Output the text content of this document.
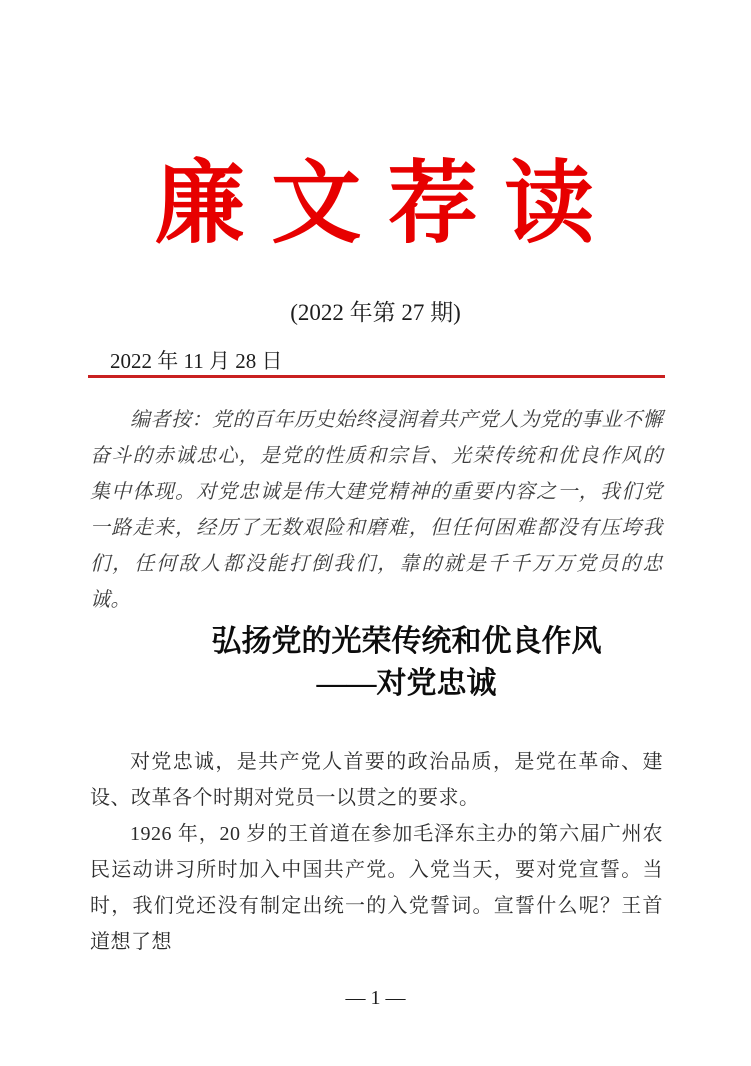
廉 文 荐 读
(2022 年第 27 期)
2022 年 11 月 28 日

编者按：党的百年历史始终浸润着共产党人为党的事业不懈奋斗的赤诚忠心，是党的性质和宗旨、光荣传统和优良作风的集中体现。对党忠诚是伟大建党精神的重要内容之一，我们党一路走来，经历了无数艰险和磨难，但任何困难都没有压垮我们，任何敌人都没能打倒我们，靠的就是千千万万党员的忠诚。

弘扬党的光荣传统和优良作风
——对党忠诚

对党忠诚，是共产党人首要的政治品质，是党在革命、建设、改革各个时期对党员一以贯之的要求。

1926 年，20 岁的王首道在参加毛泽东主办的第六届广州农民运动讲习所时加入中国共产党。入党当天，要对党宣誓。当时，我们党还没有制定出统一的入党誓词。宣誓什么呢？王首道想了想

— 1 —
